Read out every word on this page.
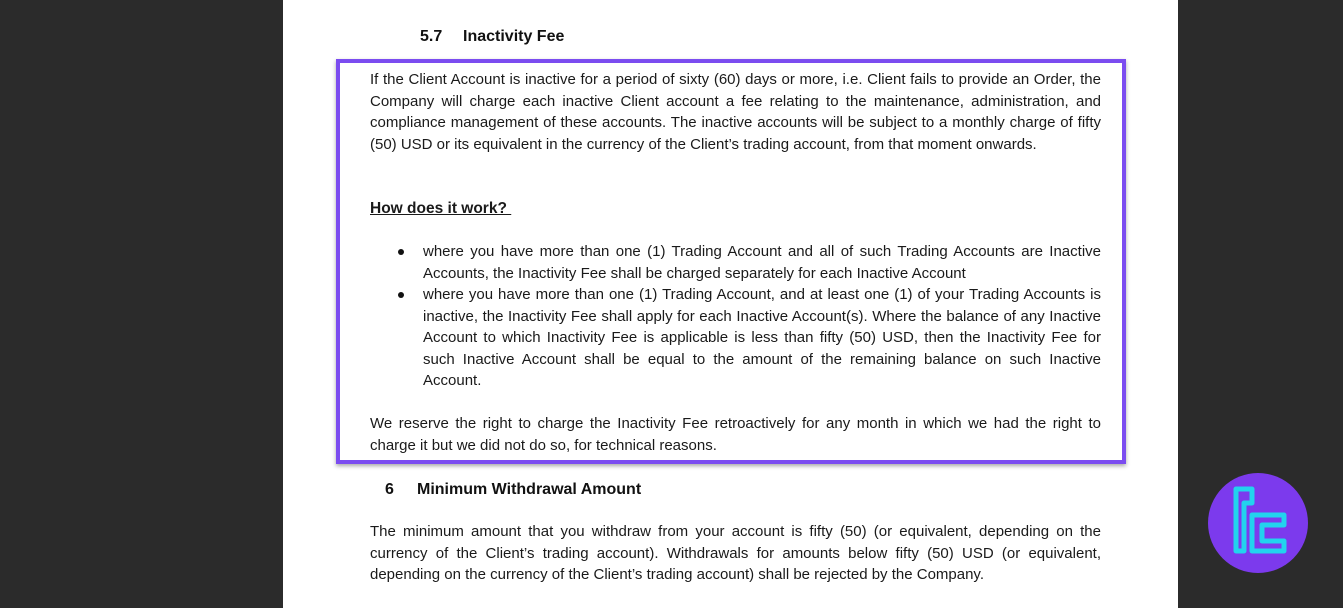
5.7 Inactivity Fee

If the Client Account is inactive for a period of sixty (60) days or more, i.e. Client fails to provide an Order, the Company will charge each inactive Client account a fee relating to the maintenance, administration, and compliance management of these accounts. The inactive accounts will be subject to a monthly charge of fifty (50) USD or its equivalent in the currency of the Client’s trading account, from that moment onwards.

How does it work?
where you have more than one (1) Trading Account and all of such Trading Accounts are Inactive Accounts, the Inactivity Fee shall be charged separately for each Inactive Account
where you have more than one (1) Trading Account, and at least one (1) of your Trading Accounts is inactive, the Inactivity Fee shall apply for each Inactive Account(s). Where the balance of any Inactive Account to which Inactivity Fee is applicable is less than fifty (50) USD, then the Inactivity Fee for such Inactive Account shall be equal to the amount of the remaining balance on such Inactive Account.

We reserve the right to charge the Inactivity Fee retroactively for any month in which we had the right to charge it but we did not do so, for technical reasons.

6 Minimum Withdrawal Amount

The minimum amount that you withdraw from your account is fifty (50) (or equivalent, depending on the currency of the Client’s trading account). Withdrawals for amounts below fifty (50) USD (or equivalent, depending on the currency of the Client’s trading account) shall be rejected by the Company.
